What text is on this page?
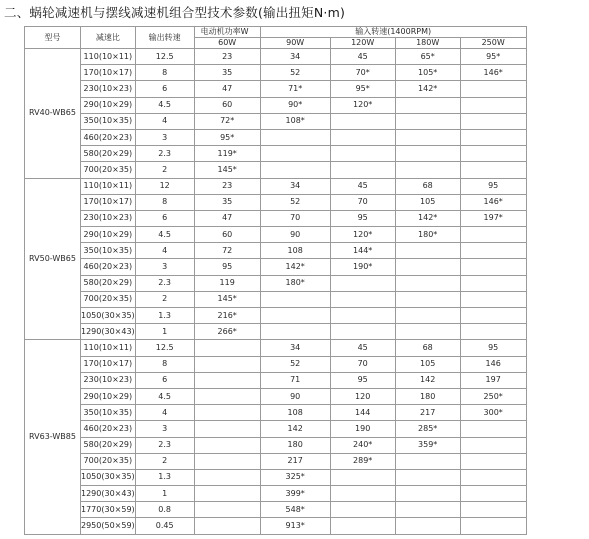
二、蜗轮减速机与摆线减速机组合型技术参数(输出扭矩N·m)
型号	减速比	输出转速	电动机功率W	输入转速(1400RPM)			
			60W	90W	120W	180W	250W
RV40-WB65	110(10×11)	12.5	23	34	45	65*	95*
	170(10×17)	8	35	52	70*	105*	146*
	230(10×23)	6	47	71*	95*	142*	
	290(10×29)	4.5	60	90*	120*		
	350(10×35)	4	72*	108*			
	460(20×23)	3	95*				
	580(20×29)	2.3	119*				
	700(20×35)	2	145*				
RV50-WB65	110(10×11)	12	23	34	45	68	95
	170(10×17)	8	35	52	70	105	146*
	230(10×23)	6	47	70	95	142*	197*
	290(10×29)	4.5	60	90	120*	180*	
	350(10×35)	4	72	108	144*		
	460(20×23)	3	95	142*	190*		
	580(20×29)	2.3	119	180*			
	700(20×35)	2	145*				
	1050(30×35)	1.3	216*				
	1290(30×43)	1	266*				
RV63-WB85	110(10×11)	12.5		34	45	68	95
	170(10×17)	8		52	70	105	146
	230(10×23)	6		71	95	142	197
	290(10×29)	4.5		90	120	180	250*
	350(10×35)	4		108	144	217	300*
	460(20×23)	3		142	190	285*	
	580(20×29)	2.3		180	240*	359*	
	700(20×35)	2		217	289*		
	1050(30×35)	1.3		325*			
	1290(30×43)	1		399*			
	1770(30×59)	0.8		548*			
	2950(50×59)	0.45		913*			
